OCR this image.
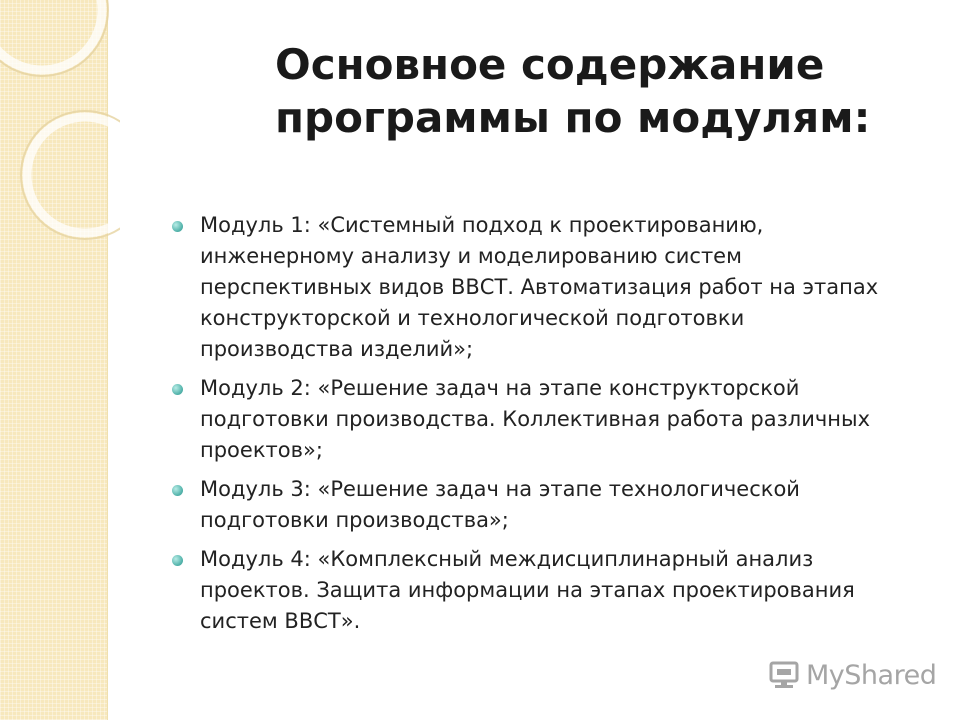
Основное содержание
программы по модулям:
Модуль 1: «Системный подход к проектированию, инженерному анализу и моделированию систем перспективных видов ВВСТ. Автоматизация работ на этапах конструкторской и технологической подготовки производства изделий»;
Модуль 2: «Решение задач на этапе конструкторской подготовки производства. Коллективная работа различных проектов»;
Модуль 3: «Решение задач на этапе технологической подготовки производства»;
Модуль 4: «Комплексный междисциплинарный анализ проектов. Защита информации на этапах проектирования систем ВВСТ».
MyShared
